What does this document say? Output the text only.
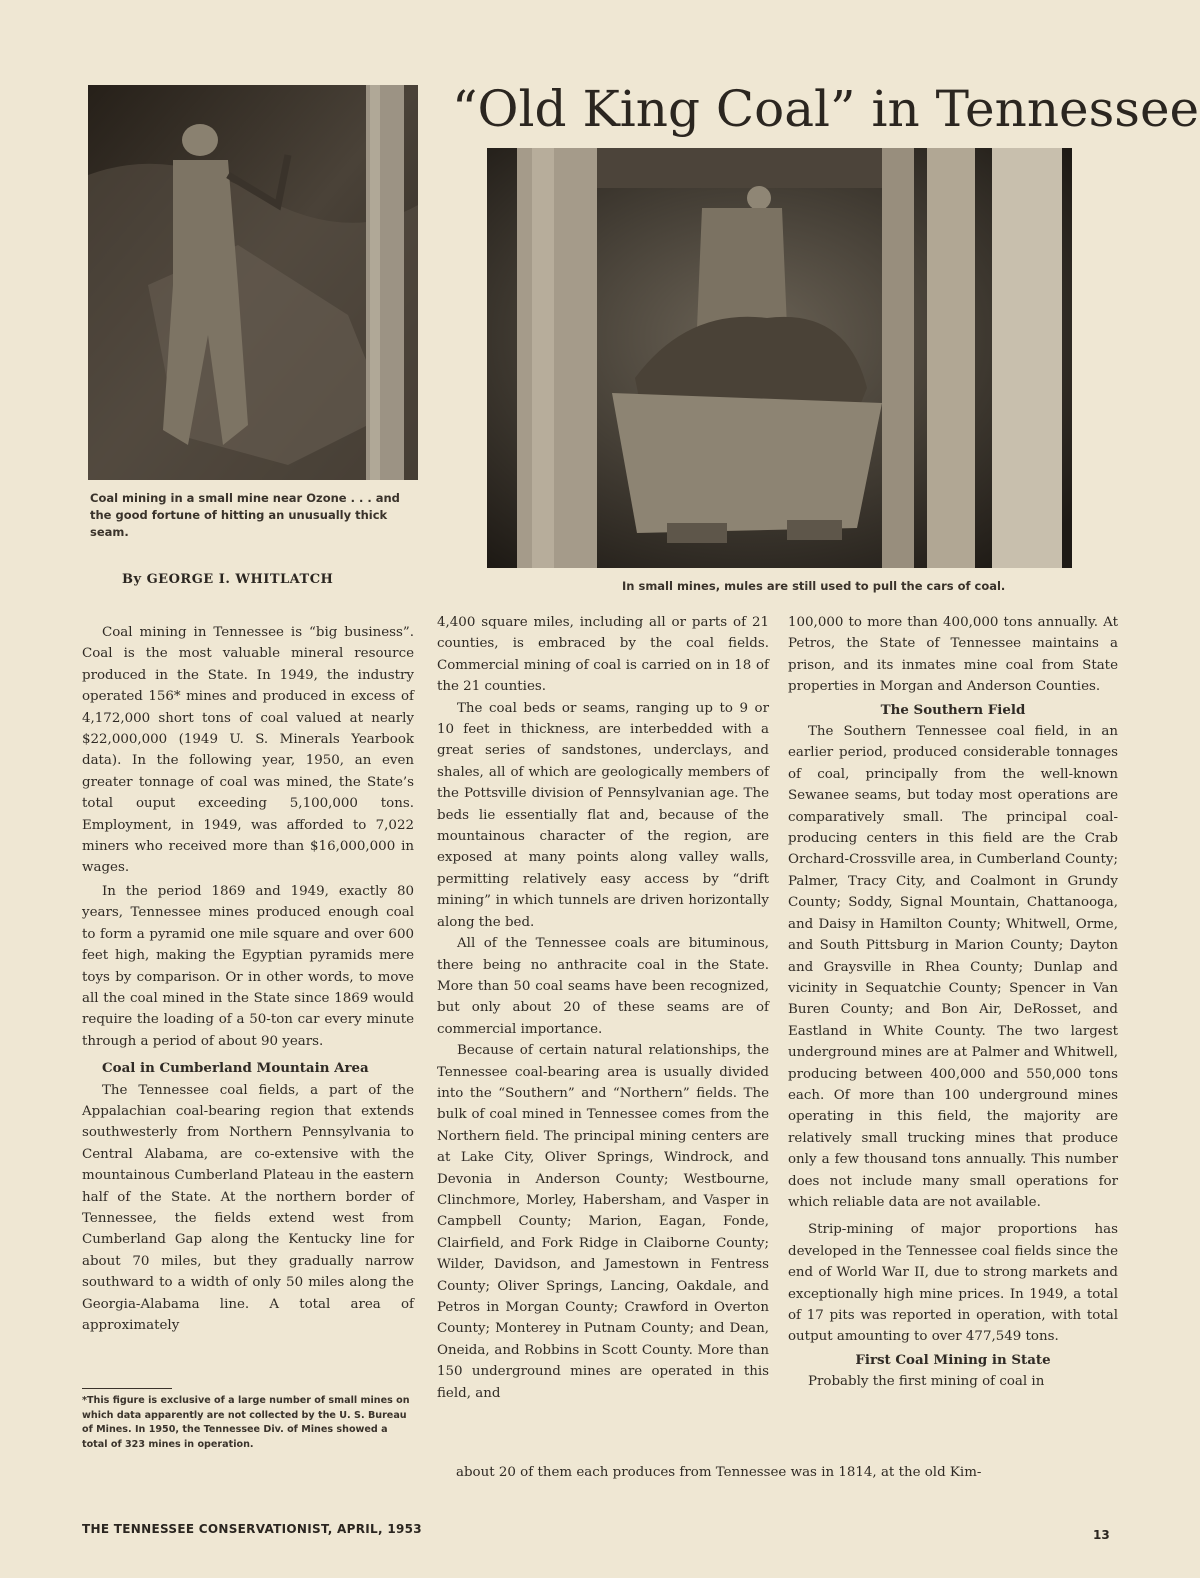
Coal mining in a small mine near Ozone . . . and the good fortune of hitting an unusually thick seam.
“Old King Coal” in Tennessee
In small mines, mules are still used to pull the cars of coal.
By GEORGE I. WHITLATCH

Coal mining in Tennessee is “big business”. Coal is the most valuable mineral resource produced in the State. In 1949, the industry operated 156* mines and produced in excess of 4,172,000 short tons of coal valued at nearly $22,000,000 (1949 U. S. Minerals Yearbook data). In the following year, 1950, an even greater tonnage of coal was mined, the State’s total ouput exceeding 5,100,000 tons. Employment, in 1949, was afforded to 7,022 miners who received more than $16,000,000 in wages.

In the period 1869 and 1949, exactly 80 years, Tennessee mines produced enough coal to form a pyramid one mile square and over 600 feet high, making the Egyptian pyramids mere toys by comparison. Or in other words, to move all the coal mined in the State since 1869 would require the loading of a 50-ton car every minute through a period of about 90 years.

Coal in Cumberland Mountain Area

The Tennessee coal fields, a part of the Appalachian coal-bearing region that extends southwesterly from Northern Pennsylvania to Central Alabama, are co-extensive with the mountainous Cumberland Plateau in the eastern half of the State. At the northern border of Tennessee, the fields extend west from Cumberland Gap along the Kentucky line for about 70 miles, but they gradually narrow southward to a width of only 50 miles along the Georgia-Alabama line. A total area of approximately

*This figure is exclusive of a large number of small mines on which data apparently are not collected by the U. S. Bureau of Mines. In 1950, the Tennessee Div. of Mines showed a total of 323 mines in operation.

4,400 square miles, including all or parts of 21 counties, is embraced by the coal fields. Commercial mining of coal is carried on in 18 of the 21 counties.

The coal beds or seams, ranging up to 9 or 10 feet in thickness, are interbedded with a great series of sandstones, underclays, and shales, all of which are geologically members of the Pottsville division of Pennsylvanian age. The beds lie essentially flat and, because of the mountainous character of the region, are exposed at many points along valley walls, permitting relatively easy access by “drift mining” in which tunnels are driven horizontally along the bed.

All of the Tennessee coals are bituminous, there being no anthracite coal in the State. More than 50 coal seams have been recognized, but only about 20 of these seams are of commercial importance.

Because of certain natural relationships, the Tennessee coal-bearing area is usually divided into the “Southern” and “Northern” fields. The bulk of coal mined in Tennessee comes from the Northern field. The principal mining centers are at Lake City, Oliver Springs, Windrock, and Devonia in Anderson County; Westbourne, Clinchmore, Morley, Habersham, and Vasper in Campbell County; Marion, Eagan, Fonde, Clairfield, and Fork Ridge in Claiborne County; Wilder, Davidson, and Jamestown in Fentress County; Oliver Springs, Lancing, Oakdale, and Petros in Morgan County; Crawford in Overton County; Monterey in Putnam County; and Dean, Oneida, and Robbins in Scott County. More than 150 underground mines are operated in this field, and

100,000 to more than 400,000 tons annually. At Petros, the State of Tennessee maintains a prison, and its inmates mine coal from State properties in Morgan and Anderson Counties.

The Southern Field

The Southern Tennessee coal field, in an earlier period, produced considerable tonnages of coal, principally from the well-known Sewanee seams, but today most operations are comparatively small. The principal coal-producing centers in this field are the Crab Orchard-Crossville area, in Cumberland County; Palmer, Tracy City, and Coalmont in Grundy County; Soddy, Signal Mountain, Chattanooga, and Daisy in Hamilton County; Whitwell, Orme, and South Pittsburg in Marion County; Dayton and Graysville in Rhea County; Dunlap and vicinity in Sequatchie County; Spencer in Van Buren County; and Bon Air, DeRosset, and Eastland in White County. The two largest underground mines are at Palmer and Whitwell, producing between 400,000 and 550,000 tons each. Of more than 100 underground mines operating in this field, the majority are relatively small trucking mines that produce only a few thousand tons annually. This number does not include many small operations for which reliable data are not available.

Strip-mining of major proportions has developed in the Tennessee coal fields since the end of World War II, due to strong markets and exceptionally high mine prices. In 1949, a total of 17 pits was reported in operation, with total output amounting to over 477,549 tons.

First Coal Mining in State

Probably the first mining of coal in

about 20 of them each produces from Tennessee was in 1814, at the old Kim-
THE TENNESSEE CONSERVATIONIST, APRIL, 1953	13
